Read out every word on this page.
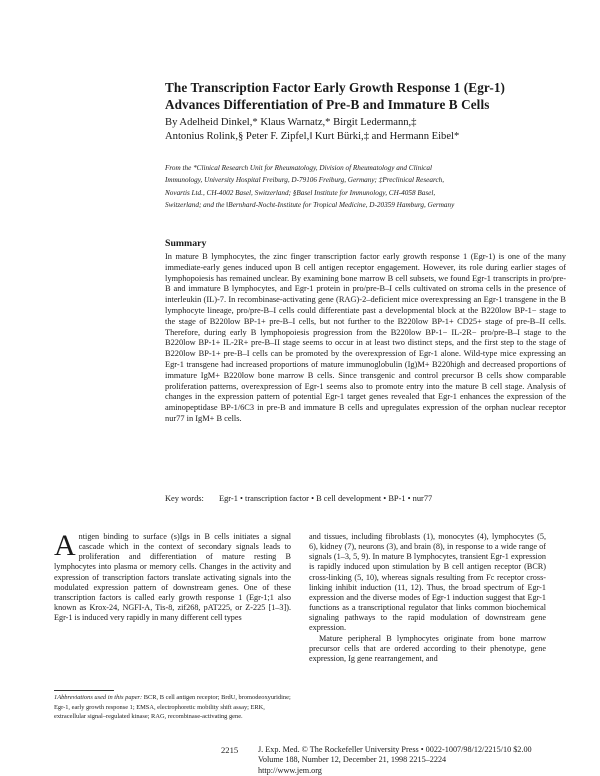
The Transcription Factor Early Growth Response 1 (Egr-1)
Advances Differentiation of Pre-B and Immature B Cells
By Adelheid Dinkel,* Klaus Warnatz,* Birgit Ledermann,‡
Antonius Rolink,§ Peter F. Zipfel,‖ Kurt Bürki,‡ and Hermann Eibel*
From the *Clinical Research Unit for Rheumatology, Division of Rheumatology and Clinical
Immunology, University Hospital Freiburg, D-79106 Freiburg, Germany; ‡Preclinical Research,
Novartis Ltd., CH-4002 Basel, Switzerland; §Basel Institute for Immunology, CH-4058 Basel,
Switzerland; and the ‖Bernhard-Nocht-Institute for Tropical Medicine, D-20359 Hamburg, Germany
Summary
In mature B lymphocytes, the zinc finger transcription factor early growth response 1 (Egr-1) is one of the many immediate-early genes induced upon B cell antigen receptor engagement. However, its role during earlier stages of lymphopoiesis has remained unclear. By examining bone marrow B cell subsets, we found Egr-1 transcripts in pro/pre-B and immature B lymphocytes, and Egr-1 protein in pro/pre-B–I cells cultivated on stroma cells in the presence of interleukin (IL)-7. In recombinase-activating gene (RAG)-2–deficient mice overexpressing an Egr-1 transgene in the B lymphocyte lineage, pro/pre-B–I cells could differentiate past a developmental block at the B220low BP-1− stage to the stage of B220low BP-1+ pre-B–I cells, but not further to the B220low BP-1+ CD25+ stage of pre-B–II cells. Therefore, during early B lymphopoiesis progression from the B220low BP-1− IL-2R− pro/pre-B–I stage to the B220low BP-1+ IL-2R+ pre-B–II stage seems to occur in at least two distinct steps, and the first step to the stage of B220low BP-1+ pre-B–I cells can be promoted by the overexpression of Egr-1 alone. Wild-type mice expressing an Egr-1 transgene had increased proportions of mature immunoglobulin (Ig)M+ B220high and decreased proportions of immature IgM+ B220low bone marrow B cells. Since transgenic and control precursor B cells show comparable proliferation patterns, overexpression of Egr-1 seems also to promote entry into the mature B cell stage. Analysis of changes in the expression pattern of potential Egr-1 target genes revealed that Egr-1 enhances the expression of the aminopeptidase BP-1/6C3 in pre-B and immature B cells and upregulates expression of the orphan nuclear receptor nur77 in IgM+ B cells.
Key words: Egr-1 • transcription factor • B cell development • BP-1 • nur77
Antigen binding to surface (s)Igs in B cells initiates a signal cascade which in the context of secondary signals leads to proliferation and differentiation of mature resting B lymphocytes into plasma or memory cells. Changes in the activity and expression of transcription factors translate activating signals into the modulated expression pattern of downstream genes. One of these transcription factors is called early growth response 1 (Egr-1;1 also known as Krox-24, NGFI-A, Tis-8, zif268, pAT225, or Z-225 [1–3]). Egr-1 is induced very rapidly in many different cell types

and tissues, including fibroblasts (1), monocytes (4), lymphocytes (5, 6), kidney (7), neurons (3), and brain (8), in response to a wide range of signals (1–3, 5, 9). In mature B lymphocytes, transient Egr-1 expression is rapidly induced upon stimulation by B cell antigen receptor (BCR) cross-linking (5, 10), whereas signals resulting from Fc receptor cross-linking inhibit induction (11, 12). Thus, the broad spectrum of Egr-1 expression and the diverse modes of Egr-1 induction suggest that Egr-1 functions as a transcriptional regulator that links common biochemical signaling pathways to the rapid modulation of downstream gene expression.

Mature peripheral B lymphocytes originate from bone marrow precursor cells that are ordered according to their phenotype, gene expression, Ig gene rearrangement, and

1Abbreviations used in this paper: BCR, B cell antigen receptor; BrdU, bromodeoxyuridine; Egr-1, early growth response 1; EMSA, electrophoretic mobility shift assay; ERK, extracellular signal–regulated kinase; RAG, recombinase-activating gene.
2215 J. Exp. Med. © The Rockefeller University Press • 0022-1007/98/12/2215/10 $2.00
Volume 188, Number 12, December 21, 1998 2215–2224
http://www.jem.org
